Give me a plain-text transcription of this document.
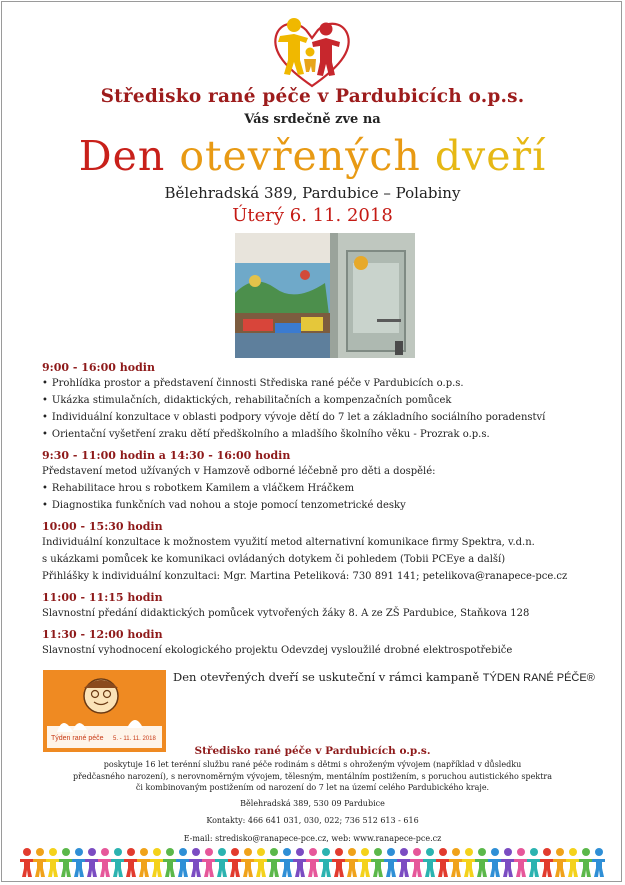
Středisko rané péče v Pardubicích o.p.s.
Vás srdečně zve na
Den otevřených dveří
Bělehradská 389, Pardubice – Polabiny
Úterý 6. 11. 2018
9:00 - 16:00 hodin
• Prohlídka prostor a představení činnosti Střediska rané péče v Pardubicích o.p.s.
• Ukázka stimulačních, didaktických, rehabilitačních a kompenzačních pomůcek
• Individuální konzultace v oblasti podpory vývoje dětí do 7 let a základního sociálního poradenství
• Orientační vyšetření zraku dětí předškolního a mladšího školního věku - Prozrak o.p.s.
9:30 - 11:00 hodin a 14:30 - 16:00 hodin
Představení metod užívaných v Hamzově odborné léčebně pro děti a dospělé:
• Rehabilitace hrou s robotkem Kamilem a vláčkem Hráčkem
• Diagnostika funkčních vad nohou a stoje pomocí tenzometrické desky
10:00 - 15:30 hodin
Individuální konzultace k možnostem využití metod alternativní komunikace firmy Spektra, v.d.n.
s ukázkami pomůcek ke komunikaci ovládaných dotykem či pohledem (Tobii PCEye a další)
Přihlášky k individuální konzultaci: Mgr. Martina Peteliková: 730 891 141; petelikova@ranapece-pce.cz
11:00 - 11:15 hodin
Slavnostní předání didaktických pomůcek vytvořených žáky 8. A ze ZŠ Pardubice, Staňkova 128
11:30 - 12:00 hodin
Slavnostní vyhodnocení ekologického projektu Odevzdej vysloužilé drobné elektrospotřebiče
Týden rané péče 5. - 11. 11. 2018
Den otevřených dveří se uskuteční v rámci kampaně TÝDEN RANÉ PÉČE®
Středisko rané péče v Pardubicích o.p.s.
poskytuje 16 let terénní službu rané péče rodinám s dětmi s ohroženým vývojem (například v důsledku
předčasného narození), s nerovnoměrným vývojem, tělesným, mentálním postižením, s poruchou autistického spektra
či kombinovaným postižením od narození do 7 let na území celého Pardubického kraje.
Bělehradská 389, 530 09 Pardubice
Kontakty: 466 641 031, 030, 022; 736 512 613 - 616
E-mail: stredisko@ranapece-pce.cz, web: www.ranapece-pce.cz
